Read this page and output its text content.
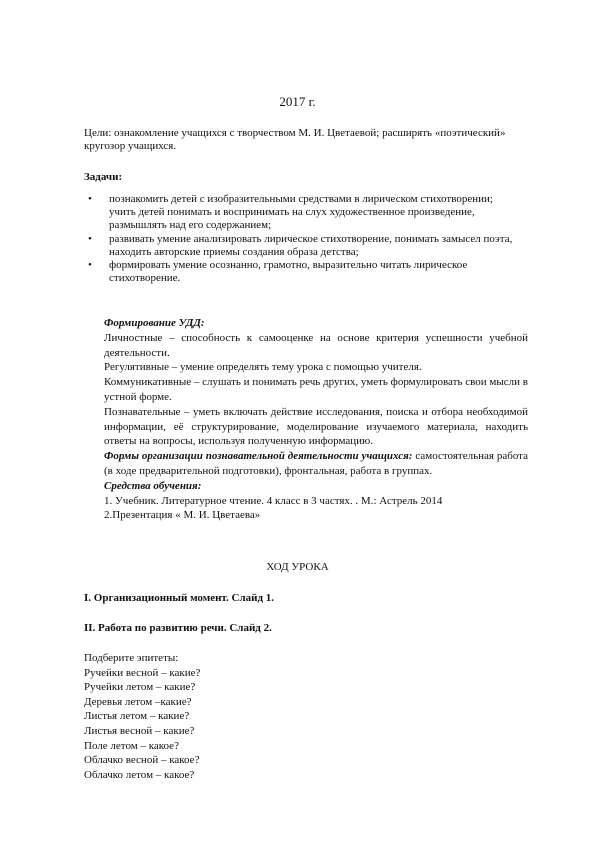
2017 г.
Цели: ознакомление учащихся с творчеством М. И. Цветаевой; расширять «поэтический» кругозор учащихся.
Задачи:
• познакомить детей с изобразительными средствами в лирическом стихотворении; учить детей понимать и воспринимать на слух художественное произведение, размышлять над его содержанием;
• развивать умение анализировать лирическое стихотворение, понимать замысел поэта, находить авторские приемы создания образа детства;
• формировать умение осознанно, грамотно, выразительно читать лирическое стихотворение.
Формирование УДД:
Личностные – способность к самооценке на основе критерия успешности учебной деятельности.
Регулятивные – умение определять тему урока с помощью учителя.
Коммуникативные – слушать и понимать речь других, уметь формулировать свои мысли в устной форме.
Познавательные – уметь включать действие исследования, поиска и отбора необходимой информации, её структурирование, моделирование изучаемого материала, находить ответы на вопросы, используя полученную информацию.
Формы организации познавательной деятельности учащихся: самостоятельная работа (в ходе предварительной подготовки), фронтальная, работа в группах.
Средства обучения:
1. Учебник. Литературное чтение. 4 класс в 3 частях. . М.: Астрель 2014
2.Презентация « М. И. Цветаева»
ХОД УРОКА
I. Организационный момент. Слайд 1.
II. Работа по развитию речи. Слайд 2.
Подберите эпитеты:
Ручейки весной – какие?
Ручейки летом – какие?
Деревья летом –какие?
Листья летом – какие?
Листья весной – какие?
Поле летом – какое?
Облачко весной – какое?
Облачко летом – какое?
